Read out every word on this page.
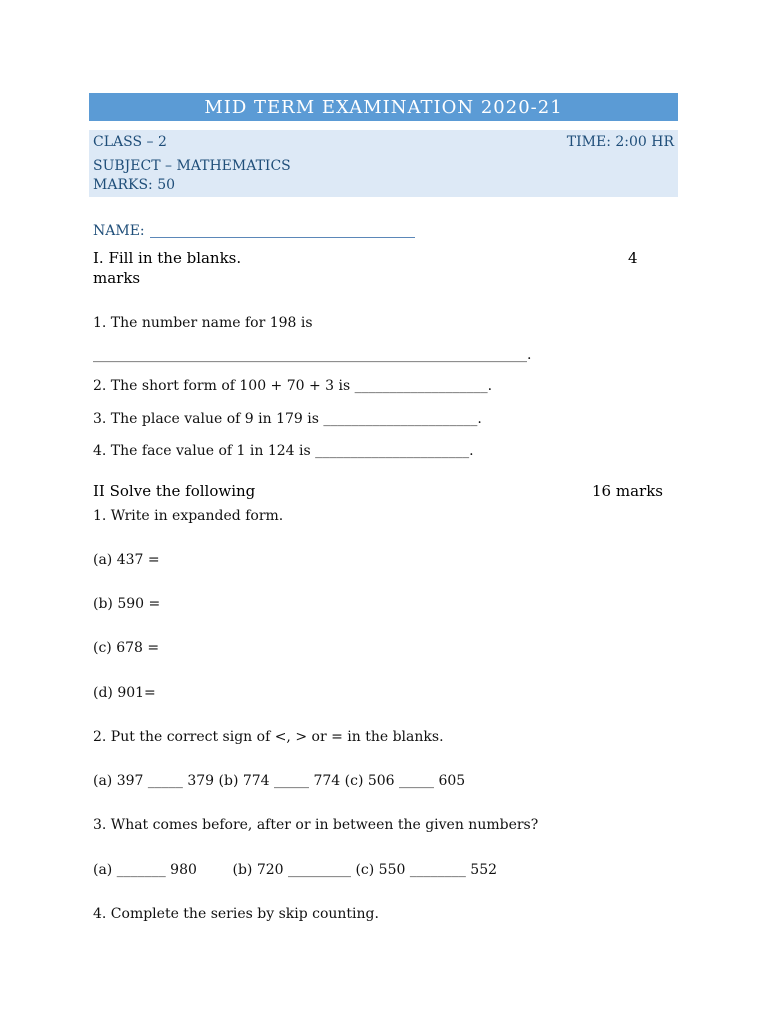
MID TERM EXAMINATION 2020-21
CLASS – 2	TIME: 2:00 HR
SUBJECT – MATHEMATICS
MARKS: 50
NAME:
I. Fill in the blanks.	4
marks
1. The number name for 198 is
______________________________________________________________.
2. The short form of 100 + 70 + 3 is ___________________.
3. The place value of 9 in 179 is ______________________.
4. The face value of 1 in 124 is ______________________.
II Solve the following	16 marks
1. Write in expanded form.
(a) 437 =
(b) 590 =
(c) 678 =
(d) 901=
2. Put the correct sign of <, > or = in the blanks.
(a) 397 _____ 379 (b) 774 _____ 774 (c) 506 _____ 605
3. What comes before, after or in between the given numbers?
(a) _______ 980        (b) 720 _________ (c) 550 ________ 552
4. Complete the series by skip counting.
